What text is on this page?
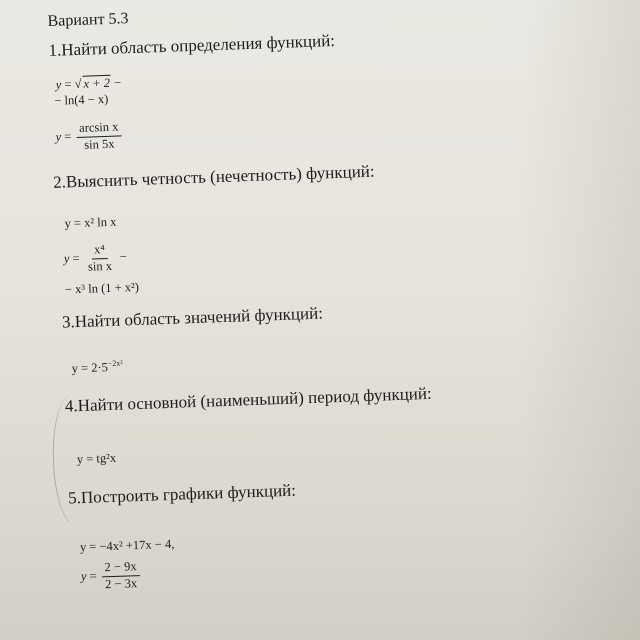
Вариант 5.3
1.Найти область определения функций:
y = √ x + 2 −
− ln(4 − x)
$y = \frac{\text{arcsin x}}{\sin 5x}$
2.Выяснить четность (нечетность) функций:
y = x² ln x
$y = \frac{\text{x⁴}}{\text{sin x}}$ −
− x³ ln (1 + x²)
3.Найти область значений функций:
$y = 2\cdot 5^{-2x^2}$
4.Найти основной (наименьший) период функций:
y = tg²x
5.Построить графики функций:
y = −4x² +17x − 4,
$y = \frac{2 - 9x}{2 - 3x}$
